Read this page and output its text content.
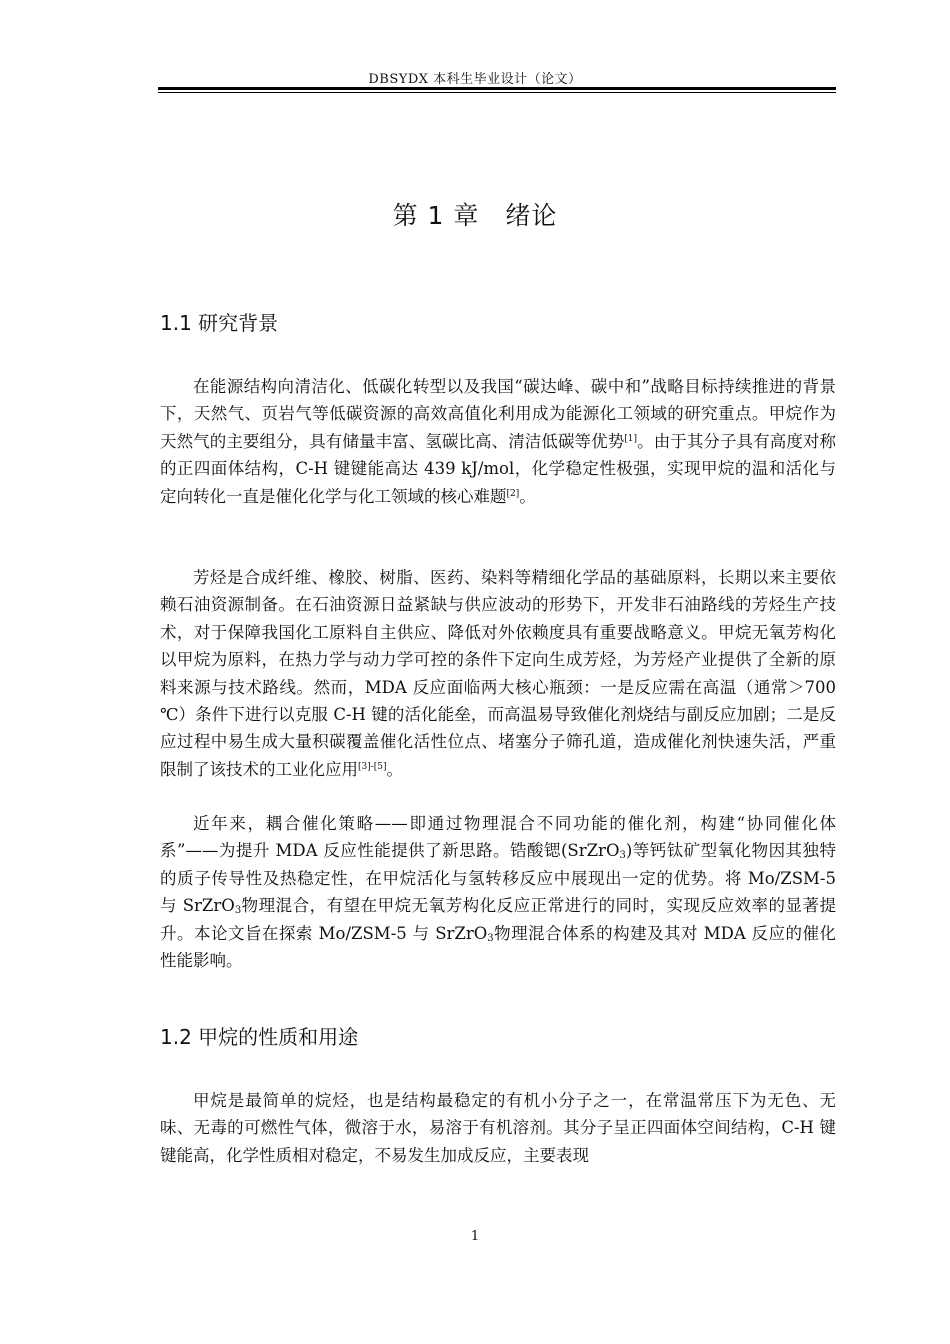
DBSYDX 本科生毕业设计（论文）
第 1 章　绪论
1.1 研究背景
在能源结构向清洁化、低碳化转型以及我国“碳达峰、碳中和”战略目标持续推进的背景下，天然气、页岩气等低碳资源的高效高值化利用成为能源化工领域的研究重点。甲烷作为天然气的主要组分，具有储量丰富、氢碳比高、清洁低碳等优势[1]。由于其分子具有高度对称的正四面体结构，C-H 键键能高达 439 kJ/mol，化学稳定性极强，实现甲烷的温和活化与定向转化一直是催化化学与化工领域的核心难题[2]。
芳烃是合成纤维、橡胶、树脂、医药、染料等精细化学品的基础原料，长期以来主要依赖石油资源制备。在石油资源日益紧缺与供应波动的形势下，开发非石油路线的芳烃生产技术，对于保障我国化工原料自主供应、降低对外依赖度具有重要战略意义。甲烷无氧芳构化以甲烷为原料，在热力学与动力学可控的条件下定向生成芳烃，为芳烃产业提供了全新的原料来源与技术路线。然而，MDA 反应面临两大核心瓶颈：一是反应需在高温（通常＞700 ℃）条件下进行以克服 C-H 键的活化能垒，而高温易导致催化剂烧结与副反应加剧；二是反应过程中易生成大量积碳覆盖催化活性位点、堵塞分子筛孔道，造成催化剂快速失活，严重限制了该技术的工业化应用[3]-[5]。
近年来，耦合催化策略——即通过物理混合不同功能的催化剂，构建“协同催化体系”——为提升 MDA 反应性能提供了新思路。锆酸锶(SrZrO$_3$)等钙钛矿型氧化物因其独特的质子传导性及热稳定性，在甲烷活化与氢转移反应中展现出一定的优势。将 Mo/ZSM-5 与 SrZrO$_3$物理混合，有望在甲烷无氧芳构化反应正常进行的同时，实现反应效率的显著提升。本论文旨在探索 Mo/ZSM-5 与 SrZrO$_3$物理混合体系的构建及其对 MDA 反应的催化性能影响。
1.2 甲烷的性质和用途
甲烷是最简单的烷烃，也是结构最稳定的有机小分子之一，在常温常压下为无色、无味、无毒的可燃性气体，微溶于水，易溶于有机溶剂。其分子呈正四面体空间结构，C-H 键键能高，化学性质相对稳定，不易发生加成反应，主要表现
1
